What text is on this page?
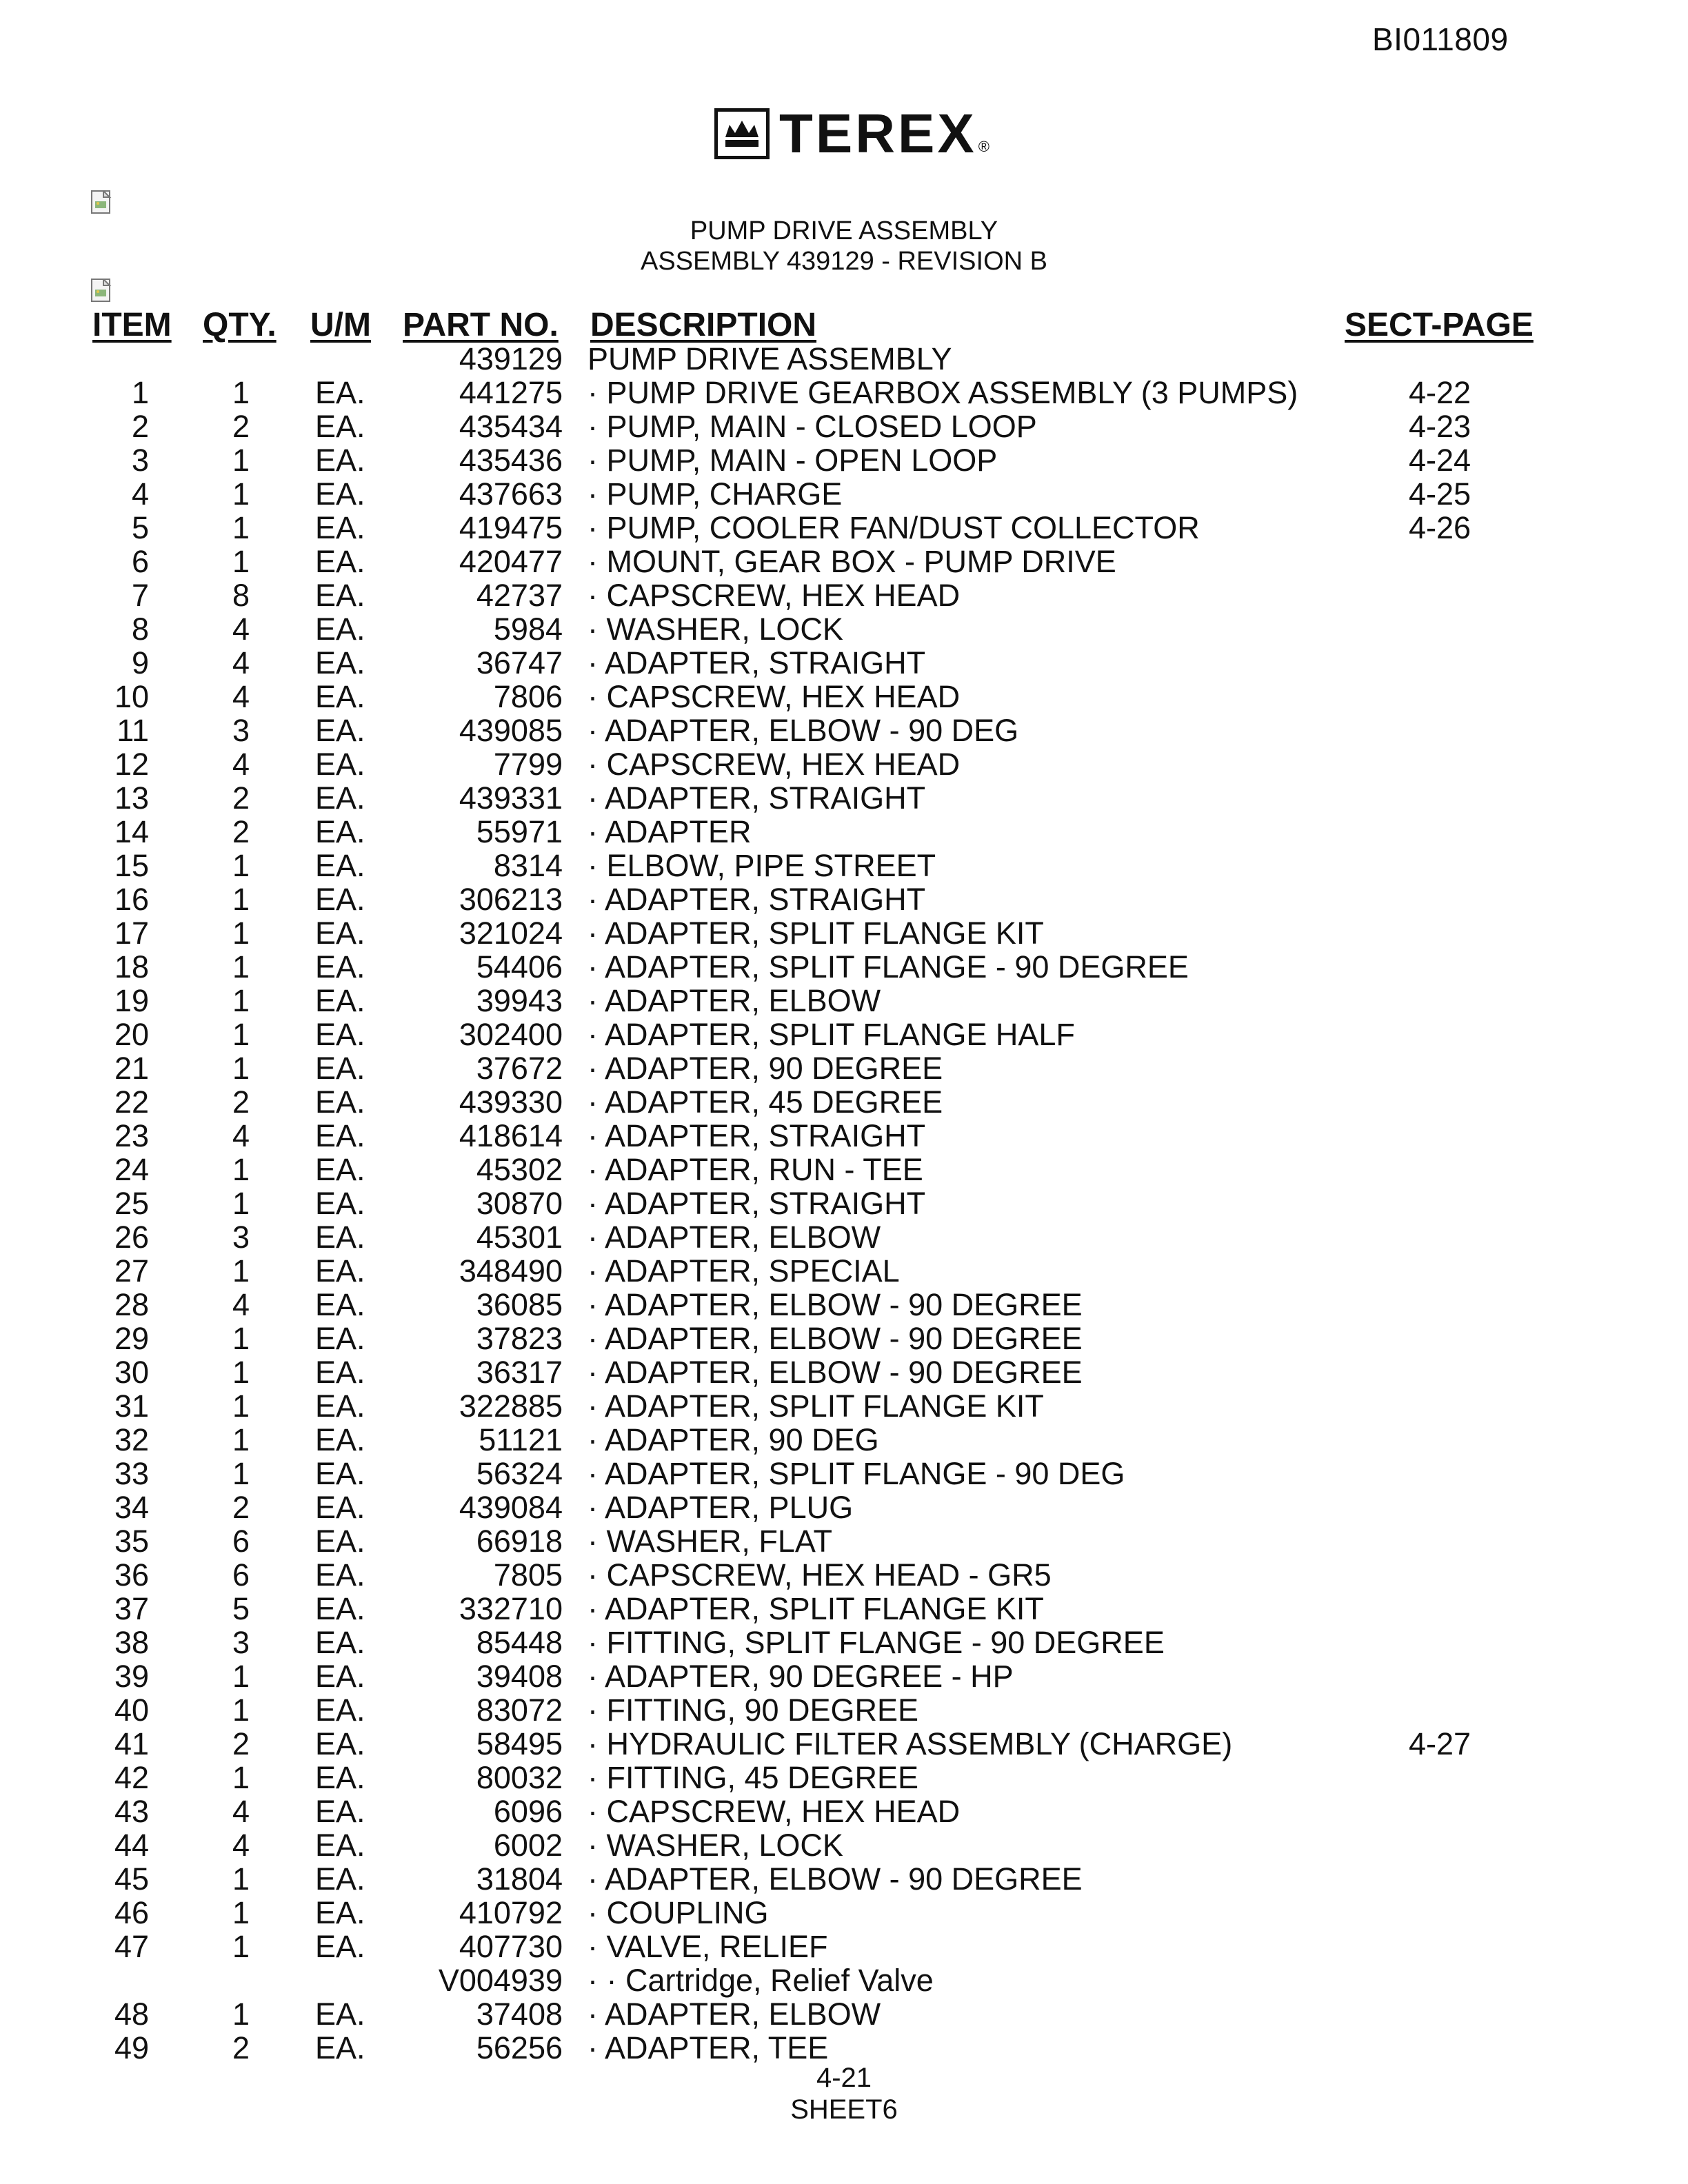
BI011809
TEREX ®
PUMP DRIVE ASSEMBLY
ASSEMBLY 439129 - REVISION B
ITEM QTY. U/M PART NO. DESCRIPTION	SECT-PAGE
439129 PUMP DRIVE ASSEMBLY
1	1 EA.	441275 · PUMP DRIVE GEARBOX ASSEMBLY (3 PUMPS)	4-22
2	2 EA.	435434 · PUMP, MAIN - CLOSED LOOP	4-23
3	1 EA.	435436 · PUMP, MAIN - OPEN LOOP	4-24
4	1 EA.	437663 · PUMP, CHARGE	4-25
5	1 EA.	419475 · PUMP, COOLER FAN/DUST COLLECTOR	4-26
6	1 EA.	420477 · MOUNT, GEAR BOX - PUMP DRIVE
7	8 EA.	42737 · CAPSCREW, HEX HEAD
8	4 EA.	5984 · WASHER, LOCK
9	4 EA.	36747 · ADAPTER, STRAIGHT
10	4 EA.	7806 · CAPSCREW, HEX HEAD
11	3 EA.	439085 · ADAPTER, ELBOW - 90 DEG
12	4 EA.	7799 · CAPSCREW, HEX HEAD
13	2 EA.	439331 · ADAPTER, STRAIGHT
14	2 EA.	55971 · ADAPTER
15	1 EA.	8314 · ELBOW, PIPE STREET
16	1 EA.	306213 · ADAPTER, STRAIGHT
17	1 EA.	321024 · ADAPTER, SPLIT FLANGE KIT
18	1 EA.	54406 · ADAPTER, SPLIT FLANGE - 90 DEGREE
19	1 EA.	39943 · ADAPTER, ELBOW
20	1 EA.	302400 · ADAPTER, SPLIT FLANGE HALF
21	1 EA.	37672 · ADAPTER, 90 DEGREE
22	2 EA.	439330 · ADAPTER, 45 DEGREE
23	4 EA.	418614 · ADAPTER, STRAIGHT
24	1 EA.	45302 · ADAPTER, RUN - TEE
25	1 EA.	30870 · ADAPTER, STRAIGHT
26	3 EA.	45301 · ADAPTER, ELBOW
27	1 EA.	348490 · ADAPTER, SPECIAL
28	4 EA.	36085 · ADAPTER, ELBOW - 90 DEGREE
29	1 EA.	37823 · ADAPTER, ELBOW - 90 DEGREE
30	1 EA.	36317 · ADAPTER, ELBOW - 90 DEGREE
31	1 EA.	322885 · ADAPTER, SPLIT FLANGE KIT
32	1 EA.	51121 · ADAPTER, 90 DEG
33	1 EA.	56324 · ADAPTER, SPLIT FLANGE - 90 DEG
34	2 EA.	439084 · ADAPTER, PLUG
35	6 EA.	66918 · WASHER, FLAT
36	6 EA.	7805 · CAPSCREW, HEX HEAD - GR5
37	5 EA.	332710 · ADAPTER, SPLIT FLANGE KIT
38	3 EA.	85448 · FITTING, SPLIT FLANGE - 90 DEGREE
39	1 EA.	39408 · ADAPTER, 90 DEGREE - HP
40	1 EA.	83072 · FITTING, 90 DEGREE
41	2 EA.	58495 · HYDRAULIC FILTER ASSEMBLY (CHARGE)	4-27
42	1 EA.	80032 · FITTING, 45 DEGREE
43	4 EA.	6096 · CAPSCREW, HEX HEAD
44	4 EA.	6002 · WASHER, LOCK
45	1 EA.	31804 · ADAPTER, ELBOW - 90 DEGREE
46	1 EA.	410792 · COUPLING
47	1 EA.	407730 · VALVE, RELIEF
V004939 · · Cartridge, Relief Valve
48	1 EA.	37408 · ADAPTER, ELBOW
49	2 EA.	56256 · ADAPTER, TEE
4-21
SHEET6
